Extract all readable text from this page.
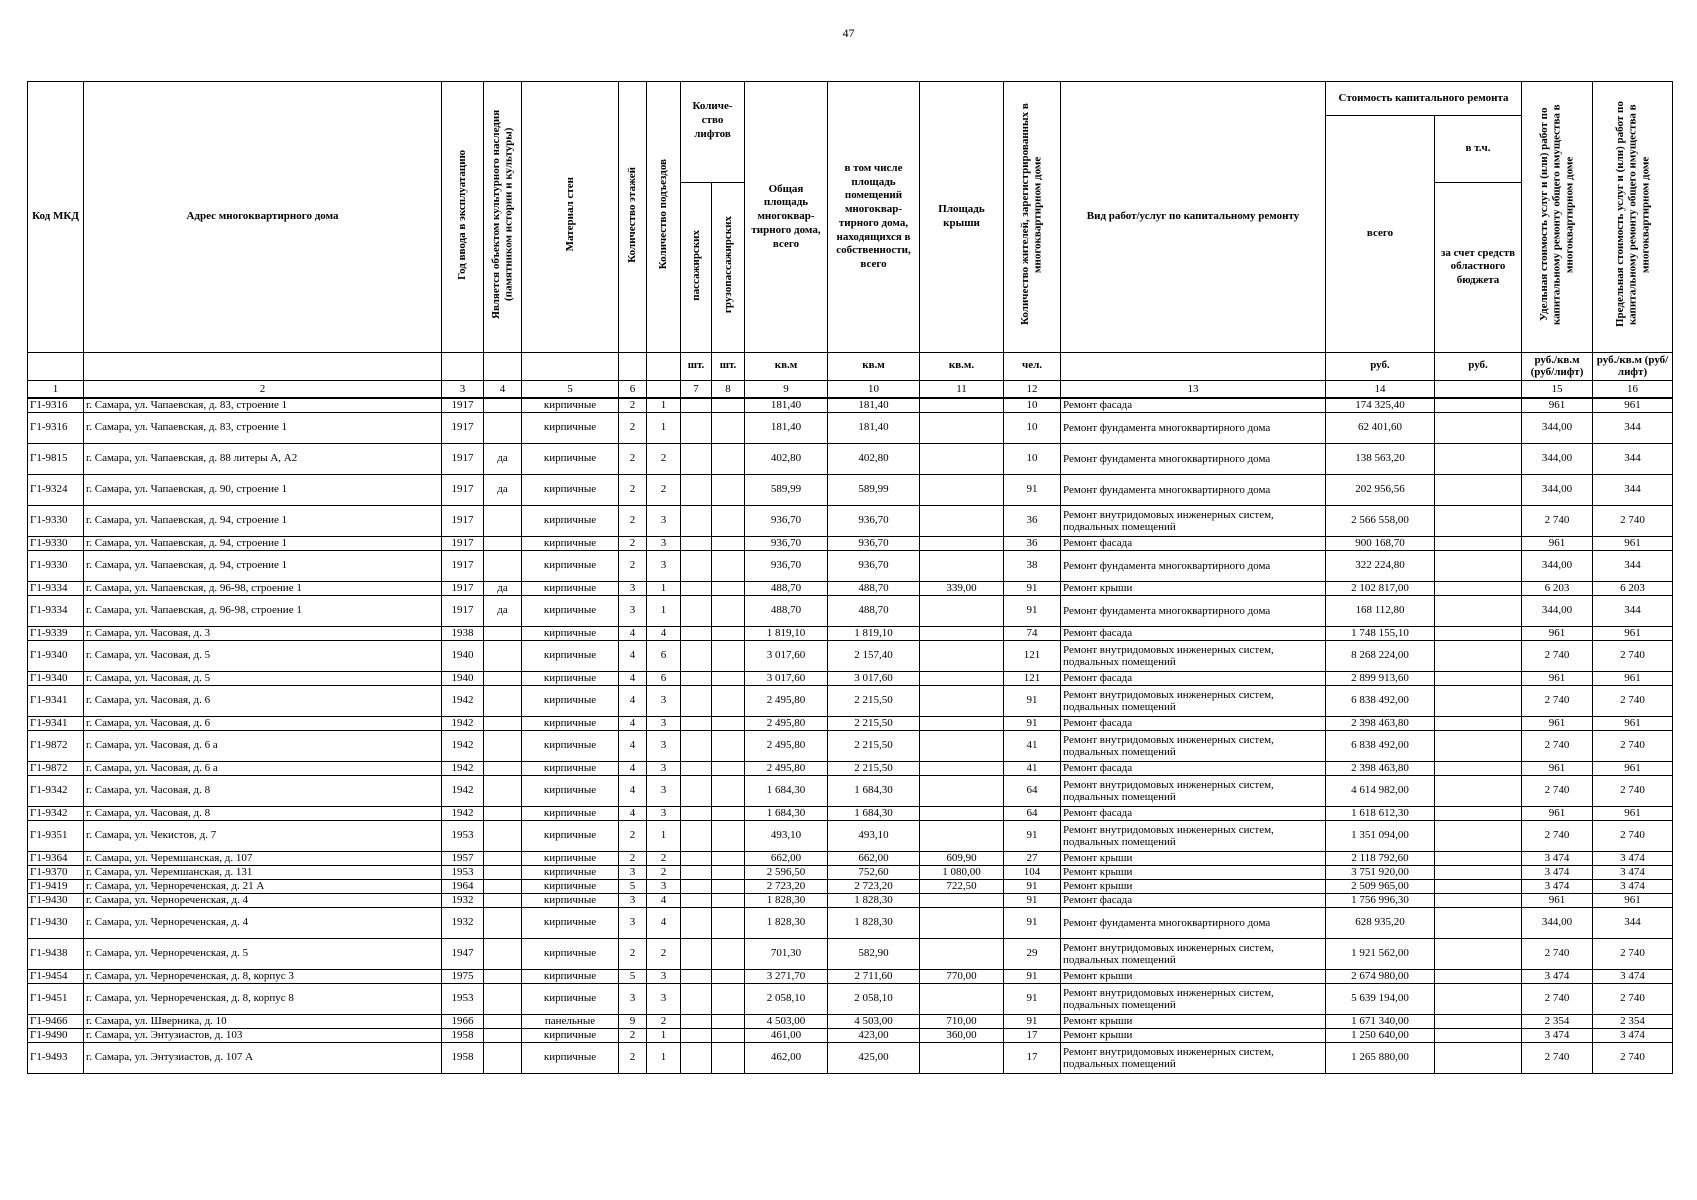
47
Код МКД	Адрес многоквартирного дома	Год ввода в эксплуатацию	Является объектом культурного наследия (памятником истории и культуры)	Материал стен	Количество этажей	Количество подъездов	Количе- ство лифтов		Общая площадь многоквар- тирного дома, всего	в том числе площадь помещений многоквар- тирного дома, находящихся в собственности, всего	Площадь крыши	Количество жителей, зарегистрированных в многоквартирном доме	Вид работ/услуг по капитальному ремонту	Стоимость капитального ремонта		Удельная стоимость услуг и (или) работ по капитальному ремонту общего имущества в многоквартирном доме	Предельная стоимость услуг и (или) работ по капитальному ремонту общего имущества в многоквартирном доме
														всего	в т.ч.		
							пассажирских	грузопассажирских							за счет средств областного бюджета		
							шт.	шт.	кв.м	кв.м	кв.м.	чел.		руб.	руб.	руб./кв.м (руб/лифт)	руб./кв.м (руб/лифт)
1	2	3	4	5	6		7	8	9	10	11	12	13	14		15	16
Г1-9316	г. Самара, ул. Чапаевская, д. 83, строение 1	1917		кирпичные	2	1			181,40	181,40		10	Ремонт фасада	174 325,40		961	961
Г1-9316	г. Самара, ул. Чапаевская, д. 83, строение 1	1917		кирпичные	2	1			181,40	181,40		10	Ремонт фундамента многоквартирного дома	62 401,60		344,00	344
Г1-9815	г. Самара, ул. Чапаевская, д. 88 литеры А, А2	1917	да	кирпичные	2	2			402,80	402,80		10	Ремонт фундамента многоквартирного дома	138 563,20		344,00	344
Г1-9324	г. Самара, ул. Чапаевская, д. 90, строение 1	1917	да	кирпичные	2	2			589,99	589,99		91	Ремонт фундамента многоквартирного дома	202 956,56		344,00	344
Г1-9330	г. Самара, ул. Чапаевская, д. 94, строение 1	1917		кирпичные	2	3			936,70	936,70		36	Ремонт внутридомовых инженерных систем, подвальных помещений	2 566 558,00		2 740	2 740
Г1-9330	г. Самара, ул. Чапаевская, д. 94, строение 1	1917		кирпичные	2	3			936,70	936,70		36	Ремонт фасада	900 168,70		961	961
Г1-9330	г. Самара, ул. Чапаевская, д. 94, строение 1	1917		кирпичные	2	3			936,70	936,70		38	Ремонт фундамента многоквартирного дома	322 224,80		344,00	344
Г1-9334	г. Самара, ул. Чапаевская, д. 96-98, строение 1	1917	да	кирпичные	3	1			488,70	488,70	339,00	91	Ремонт крыши	2 102 817,00		6 203	6 203
Г1-9334	г. Самара, ул. Чапаевская, д. 96-98, строение 1	1917	да	кирпичные	3	1			488,70	488,70		91	Ремонт фундамента многоквартирного дома	168 112,80		344,00	344
Г1-9339	г. Самара, ул. Часовая, д. 3	1938		кирпичные	4	4			1 819,10	1 819,10		74	Ремонт фасада	1 748 155,10		961	961
Г1-9340	г. Самара, ул. Часовая, д. 5	1940		кирпичные	4	6			3 017,60	2 157,40		121	Ремонт внутридомовых инженерных систем, подвальных помещений	8 268 224,00		2 740	2 740
Г1-9340	г. Самара, ул. Часовая, д. 5	1940		кирпичные	4	6			3 017,60	3 017,60		121	Ремонт фасада	2 899 913,60		961	961
Г1-9341	г. Самара, ул. Часовая, д. 6	1942		кирпичные	4	3			2 495,80	2 215,50		91	Ремонт внутридомовых инженерных систем, подвальных помещений	6 838 492,00		2 740	2 740
Г1-9341	г. Самара, ул. Часовая, д. 6	1942		кирпичные	4	3			2 495,80	2 215,50		91	Ремонт фасада	2 398 463,80		961	961
Г1-9872	г. Самара, ул. Часовая, д. 6 а	1942		кирпичные	4	3			2 495,80	2 215,50		41	Ремонт внутридомовых инженерных систем, подвальных помещений	6 838 492,00		2 740	2 740
Г1-9872	г. Самара, ул. Часовая, д. 6 а	1942		кирпичные	4	3			2 495,80	2 215,50		41	Ремонт фасада	2 398 463,80		961	961
Г1-9342	г. Самара, ул. Часовая, д. 8	1942		кирпичные	4	3			1 684,30	1 684,30		64	Ремонт внутридомовых инженерных систем, подвальных помещений	4 614 982,00		2 740	2 740
Г1-9342	г. Самара, ул. Часовая, д. 8	1942		кирпичные	4	3			1 684,30	1 684,30		64	Ремонт фасада	1 618 612,30		961	961
Г1-9351	г. Самара, ул. Чекистов, д. 7	1953		кирпичные	2	1			493,10	493,10		91	Ремонт внутридомовых инженерных систем, подвальных помещений	1 351 094,00		2 740	2 740
Г1-9364	г. Самара, ул. Черемшанская, д. 107	1957		кирпичные	2	2			662,00	662,00	609,90	27	Ремонт крыши	2 118 792,60		3 474	3 474
Г1-9370	г. Самара, ул. Черемшанская, д. 131	1953		кирпичные	3	2			2 596,50	752,60	1 080,00	104	Ремонт крыши	3 751 920,00		3 474	3 474
Г1-9419	г. Самара, ул. Чернореченская, д. 21 А	1964		кирпичные	5	3			2 723,20	2 723,20	722,50	91	Ремонт крыши	2 509 965,00		3 474	3 474
Г1-9430	г. Самара, ул. Чернореченская, д. 4	1932		кирпичные	3	4			1 828,30	1 828,30		91	Ремонт фасада	1 756 996,30		961	961
Г1-9430	г. Самара, ул. Чернореченская, д. 4	1932		кирпичные	3	4			1 828,30	1 828,30		91	Ремонт фундамента многоквартирного дома	628 935,20		344,00	344
Г1-9438	г. Самара, ул. Чернореченская, д. 5	1947		кирпичные	2	2			701,30	582,90		29	Ремонт внутридомовых инженерных систем, подвальных помещений	1 921 562,00		2 740	2 740
Г1-9454	г. Самара, ул. Чернореченская, д. 8, корпус 3	1975		кирпичные	5	3			3 271,70	2 711,60	770,00	91	Ремонт крыши	2 674 980,00		3 474	3 474
Г1-9451	г. Самара, ул. Чернореченская, д. 8, корпус 8	1953		кирпичные	3	3			2 058,10	2 058,10		91	Ремонт внутридомовых инженерных систем, подвальных помещений	5 639 194,00		2 740	2 740
Г1-9466	г. Самара, ул. Шверника, д. 10	1966		панельные	9	2			4 503,00	4 503,00	710,00	91	Ремонт крыши	1 671 340,00		2 354	2 354
Г1-9490	г. Самара, ул. Энтузиастов, д. 103	1958		кирпичные	2	1			461,00	423,00	360,00	17	Ремонт крыши	1 250 640,00		3 474	3 474
Г1-9493	г. Самара, ул. Энтузиастов, д. 107 А	1958		кирпичные	2	1			462,00	425,00		17	Ремонт внутридомовых инженерных систем, подвальных помещений	1 265 880,00		2 740	2 740
